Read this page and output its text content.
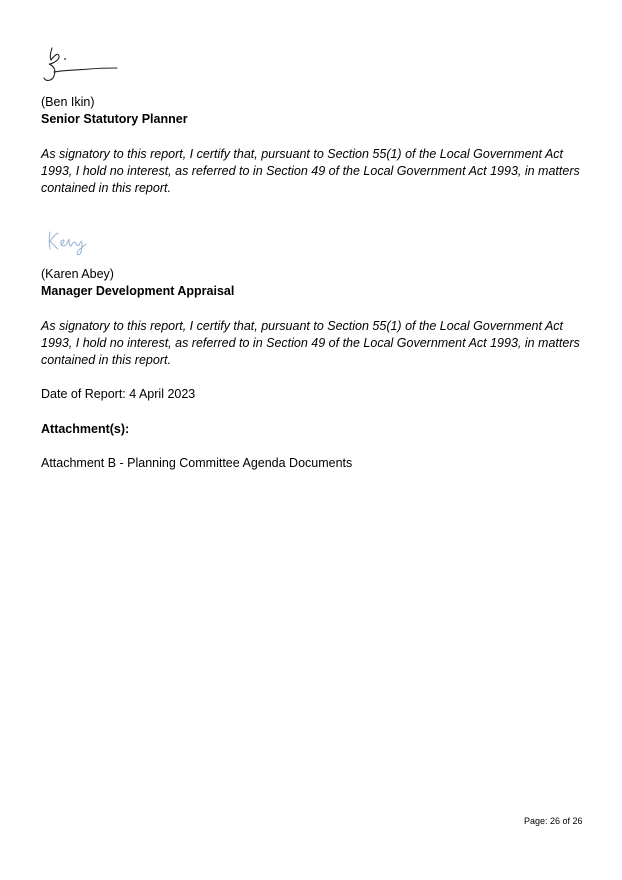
(Ben Ikin)
Senior Statutory Planner
As signatory to this report, I certify that, pursuant to Section 55(1) of the Local Government Act 1993, I hold no interest, as referred to in Section 49 of the Local Government Act 1993, in matters contained in this report.
(Karen Abey)
Manager Development Appraisal
As signatory to this report, I certify that, pursuant to Section 55(1) of the Local Government Act 1993, I hold no interest, as referred to in Section 49 of the Local Government Act 1993, in matters contained in this report.
Date of Report: 4 April 2023
Attachment(s):
Attachment B - Planning Committee Agenda Documents
Page: 26 of 26
